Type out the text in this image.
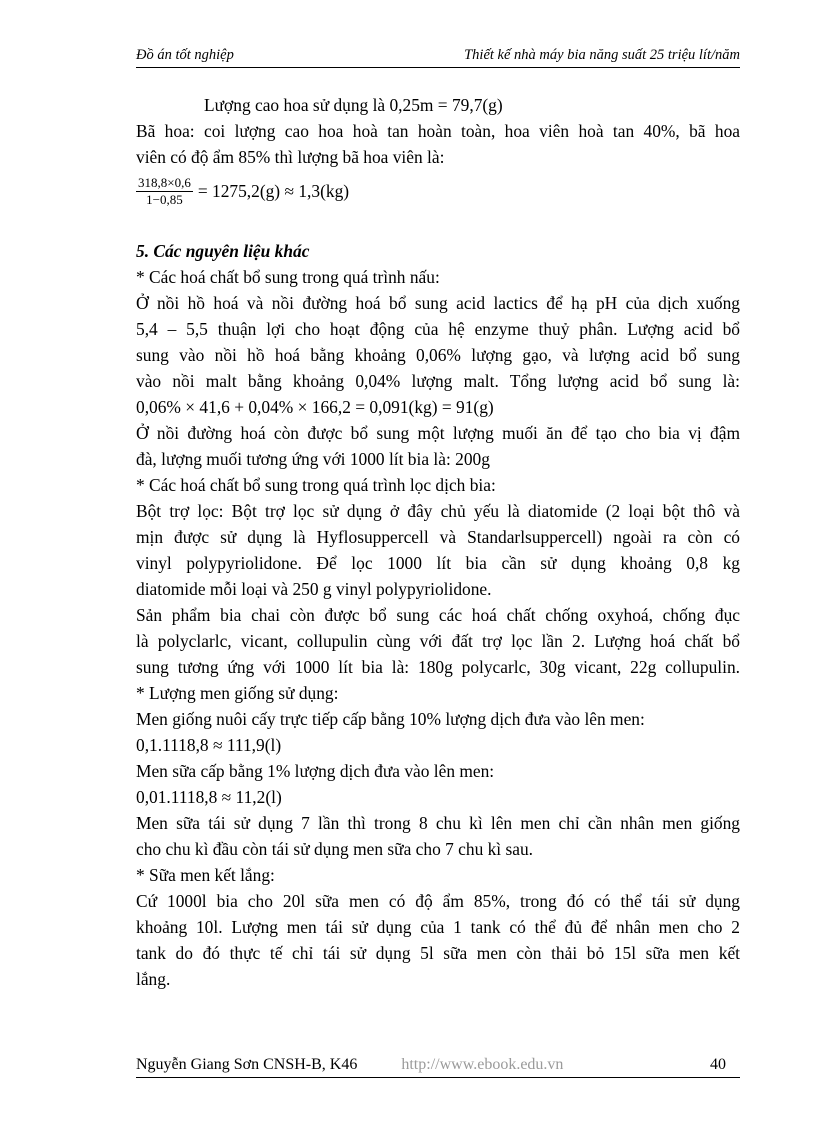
Đồ án tốt nghiệp	Thiết kế nhà máy bia năng suất 25 triệu lít/năm
Lượng cao hoa sử dụng là 0,25m = 79,7(g)
Bã hoa: coi lượng cao hoa hoà tan hoàn toàn, hoa viên hoà tan 40%, bã hoa
viên có độ ẩm 85% thì lượng bã hoa viên là:
$\frac{318,8\times 0,6}{1-0,85} = 1275,2(g) \approx 1,3(kg)$
5. Các nguyên liệu khác
* Các hoá chất bổ sung trong quá trình nấu:
Ở nồi hồ hoá và nồi đường hoá bổ sung acid lactics để hạ pH của dịch xuống
5,4 – 5,5 thuận lợi cho hoạt động của hệ enzyme thuỷ phân. Lượng acid bổ
sung vào nồi hồ hoá bằng khoảng 0,06% lượng gạo, và lượng acid bổ sung
vào nồi malt bằng khoảng 0,04% lượng malt. Tổng lượng acid bổ sung là:
0,06% × 41,6 + 0,04% × 166,2 = 0,091(kg) = 91(g)
Ở nồi đường hoá còn được bổ sung một lượng muối ăn để tạo cho bia vị đậm
đà, lượng muối tương ứng với 1000 lít bia là: 200g
* Các hoá chất bổ sung trong quá trình lọc dịch bia:
Bột trợ lọc: Bột trợ lọc sử dụng ở đây chủ yếu là diatomide (2 loại bột thô và
mịn được sử dụng là Hyflosuppercell và Standarlsuppercell) ngoài ra còn có
vinyl polypyriolidone. Để lọc 1000 lít bia cần sử dụng khoảng 0,8 kg
diatomide mỗi loại và 250 g vinyl polypyriolidone.
Sản phẩm bia chai còn được bổ sung các hoá chất chống oxyhoá, chống đục
là polyclarlc, vicant, collupulin cùng với đất trợ lọc lần 2. Lượng hoá chất bổ
sung tương ứng với 1000 lít bia là: 180g polycarlc, 30g vicant, 22g collupulin.
* Lượng men giống sử dụng:
Men giống nuôi cấy trực tiếp cấp bằng 10% lượng dịch đưa vào lên men:
0,1.1118,8 ≈ 111,9(l)
Men sữa cấp bằng 1% lượng dịch đưa vào lên men:
0,01.1118,8 ≈ 11,2(l)
Men sữa tái sử dụng 7 lần thì trong 8 chu kì lên men chỉ cần nhân men giống
cho chu kì đầu còn tái sử dụng men sữa cho 7 chu kì sau.
* Sữa men kết lắng:
Cứ 1000l bia cho 20l sữa men có độ ẩm 85%, trong đó có thể tái sử dụng
khoảng 10l. Lượng men tái sử dụng của 1 tank có thể đủ để nhân men cho 2
tank do đó thực tế chỉ tái sử dụng 5l sữa men còn thải bỏ 15l sữa men kết
lắng.
Nguyễn Giang Sơn CNSH-B, K46	http://www.ebook.edu.vn	40
